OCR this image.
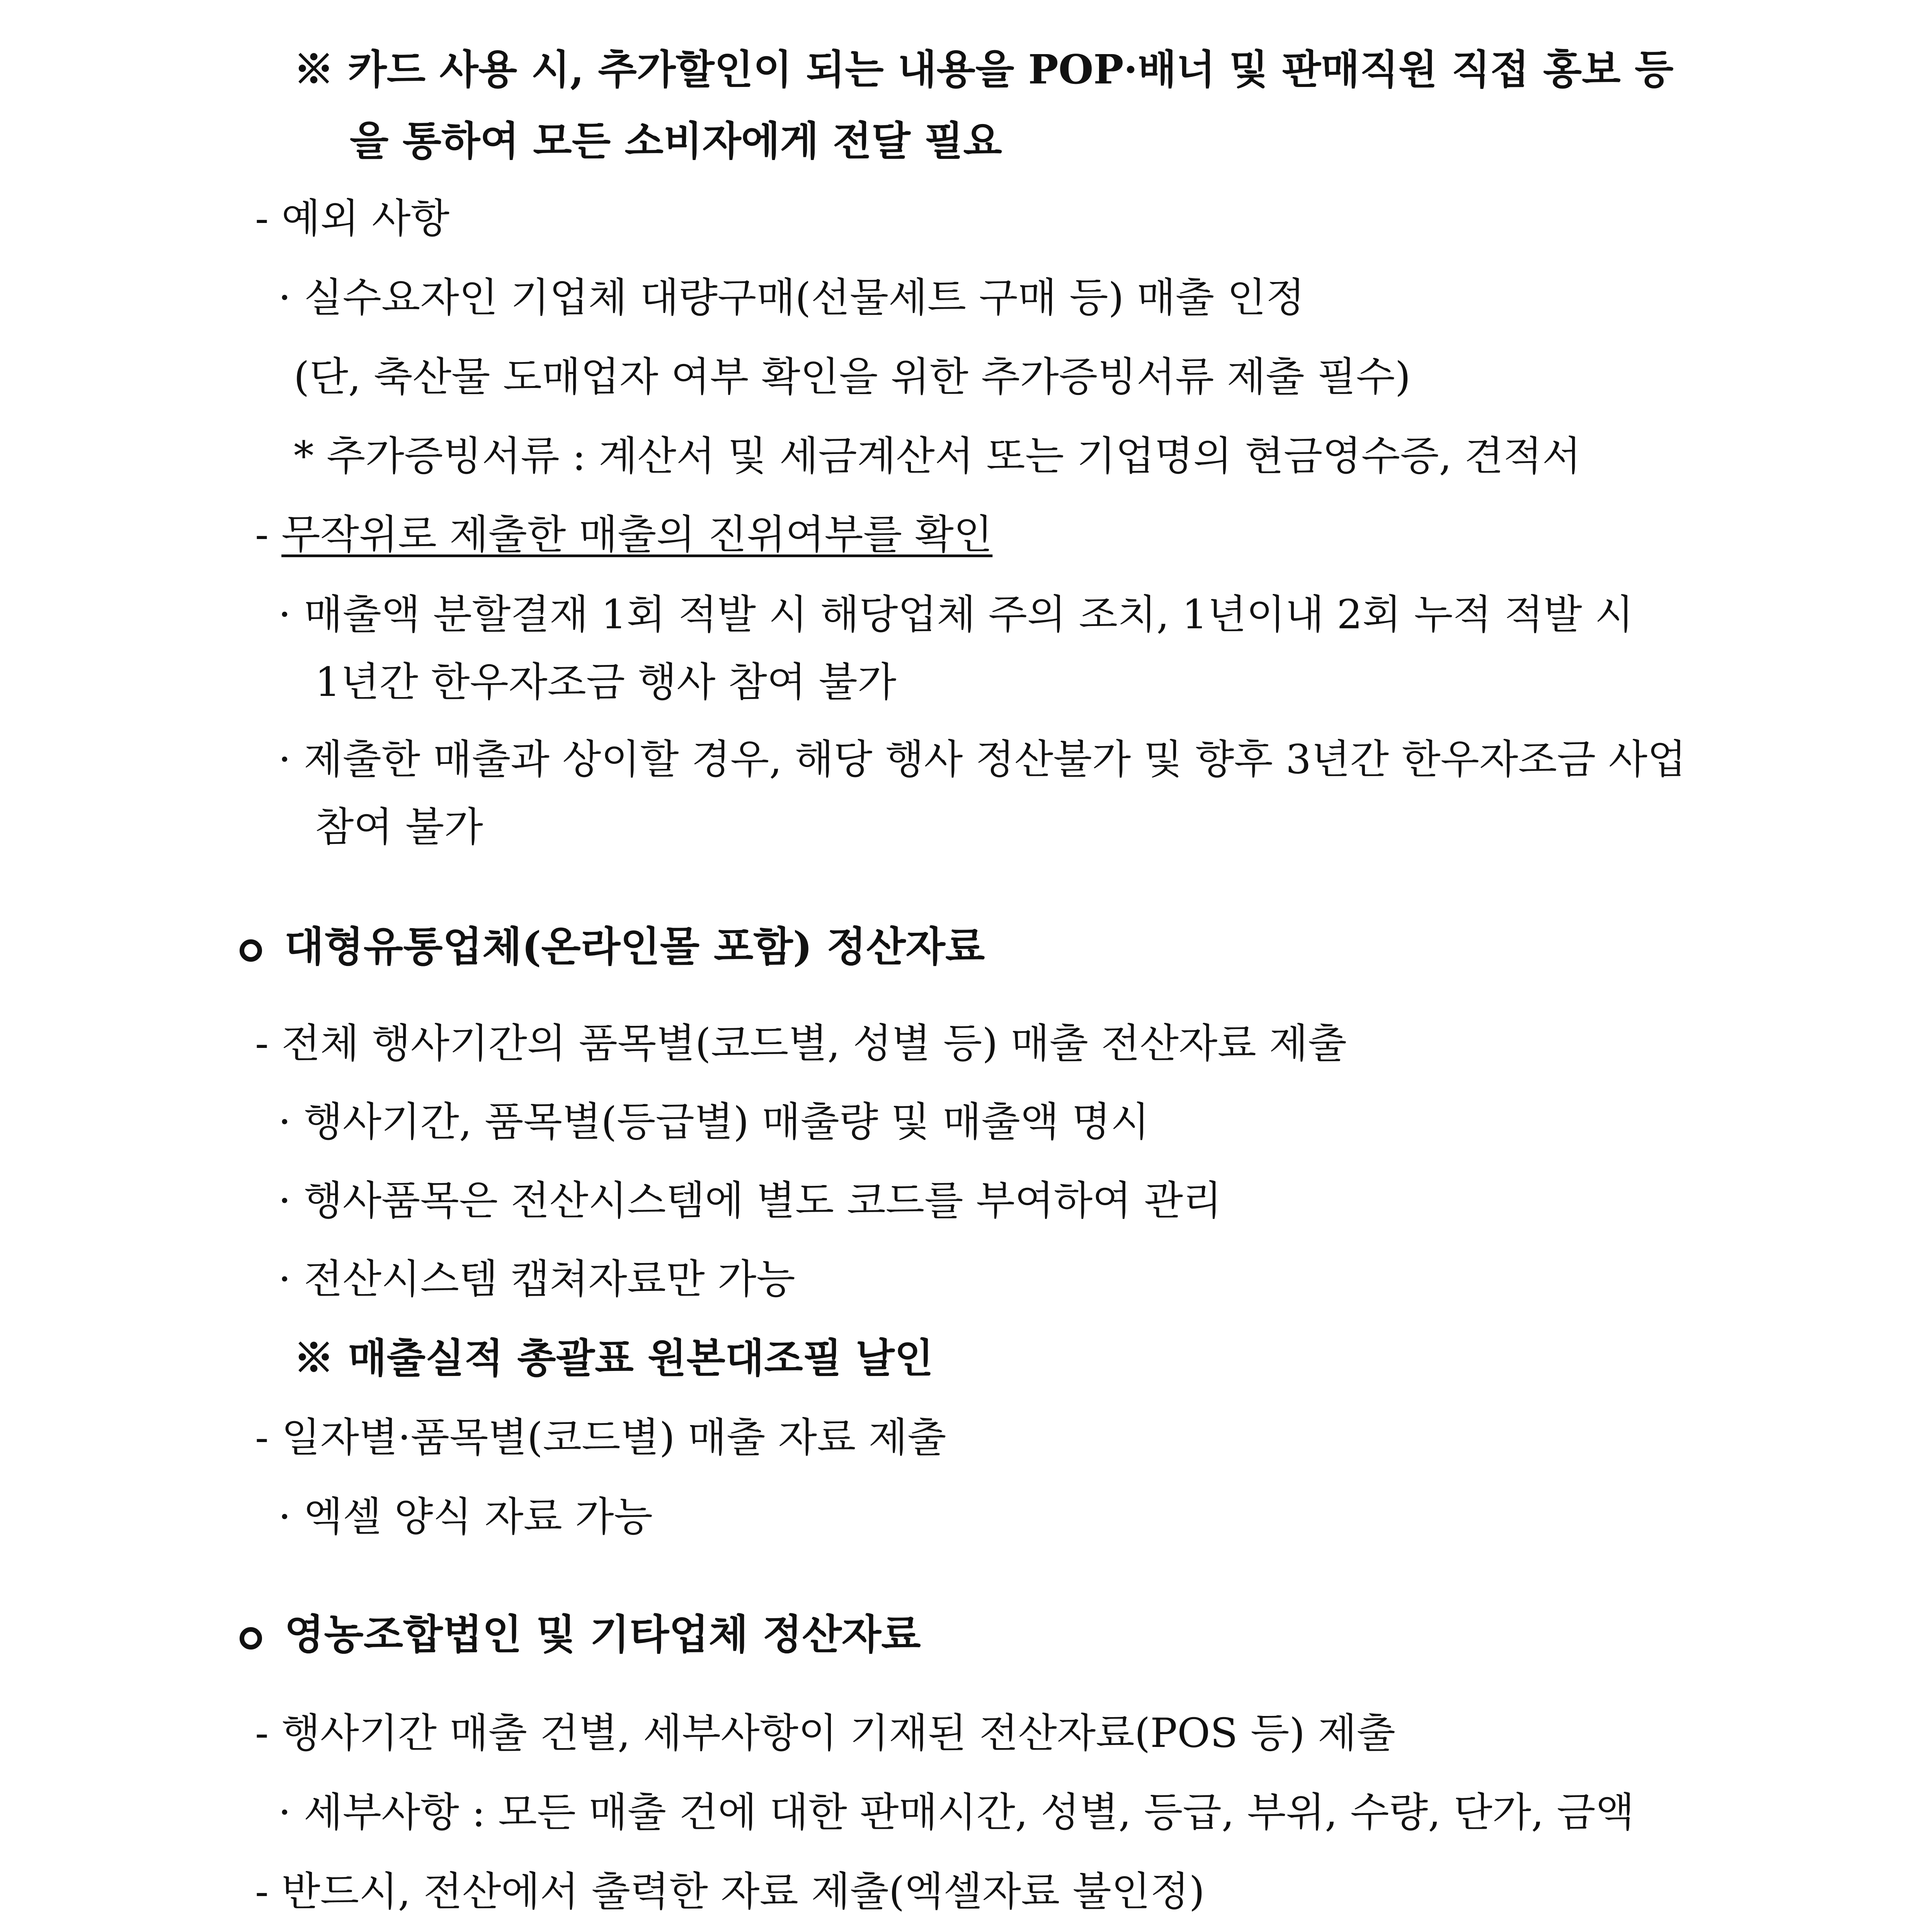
※ 카드 사용 시, 추가할인이 되는 내용을 POP·배너 및 판매직원 직접 홍보 등
을 통하여 모든 소비자에게 전달 필요
- 예외 사항
· 실수요자인 기업체 대량구매(선물세트 구매 등) 매출 인정
(단, 축산물 도매업자 여부 확인을 위한 추가증빙서류 제출 필수)
* 추가증빙서류 : 계산서 및 세금계산서 또는 기업명의 현금영수증, 견적서
- 무작위로 제출한 매출의 진위여부를 확인
· 매출액 분할결재 1회 적발 시 해당업체 주의 조치, 1년이내 2회 누적 적발 시
1년간 한우자조금 행사 참여 불가
· 제출한 매출과 상이할 경우, 해당 행사 정산불가 및 향후 3년간 한우자조금 사업
참여 불가
대형유통업체(온라인몰 포함) 정산자료
- 전체 행사기간의 품목별(코드별, 성별 등) 매출 전산자료 제출
· 행사기간, 품목별(등급별) 매출량 및 매출액 명시
· 행사품목은 전산시스템에 별도 코드를 부여하여 관리
· 전산시스템 캡쳐자료만 가능
※ 매출실적 총괄표 원본대조필 날인
- 일자별·품목별(코드별) 매출 자료 제출
· 엑셀 양식 자료 가능
영농조합법인 및 기타업체 정산자료
- 행사기간 매출 건별, 세부사항이 기재된 전산자료(POS 등) 제출
· 세부사항 : 모든 매출 건에 대한 판매시간, 성별, 등급, 부위, 수량, 단가, 금액
- 반드시, 전산에서 출력한 자료 제출(엑셀자료 불인정)
